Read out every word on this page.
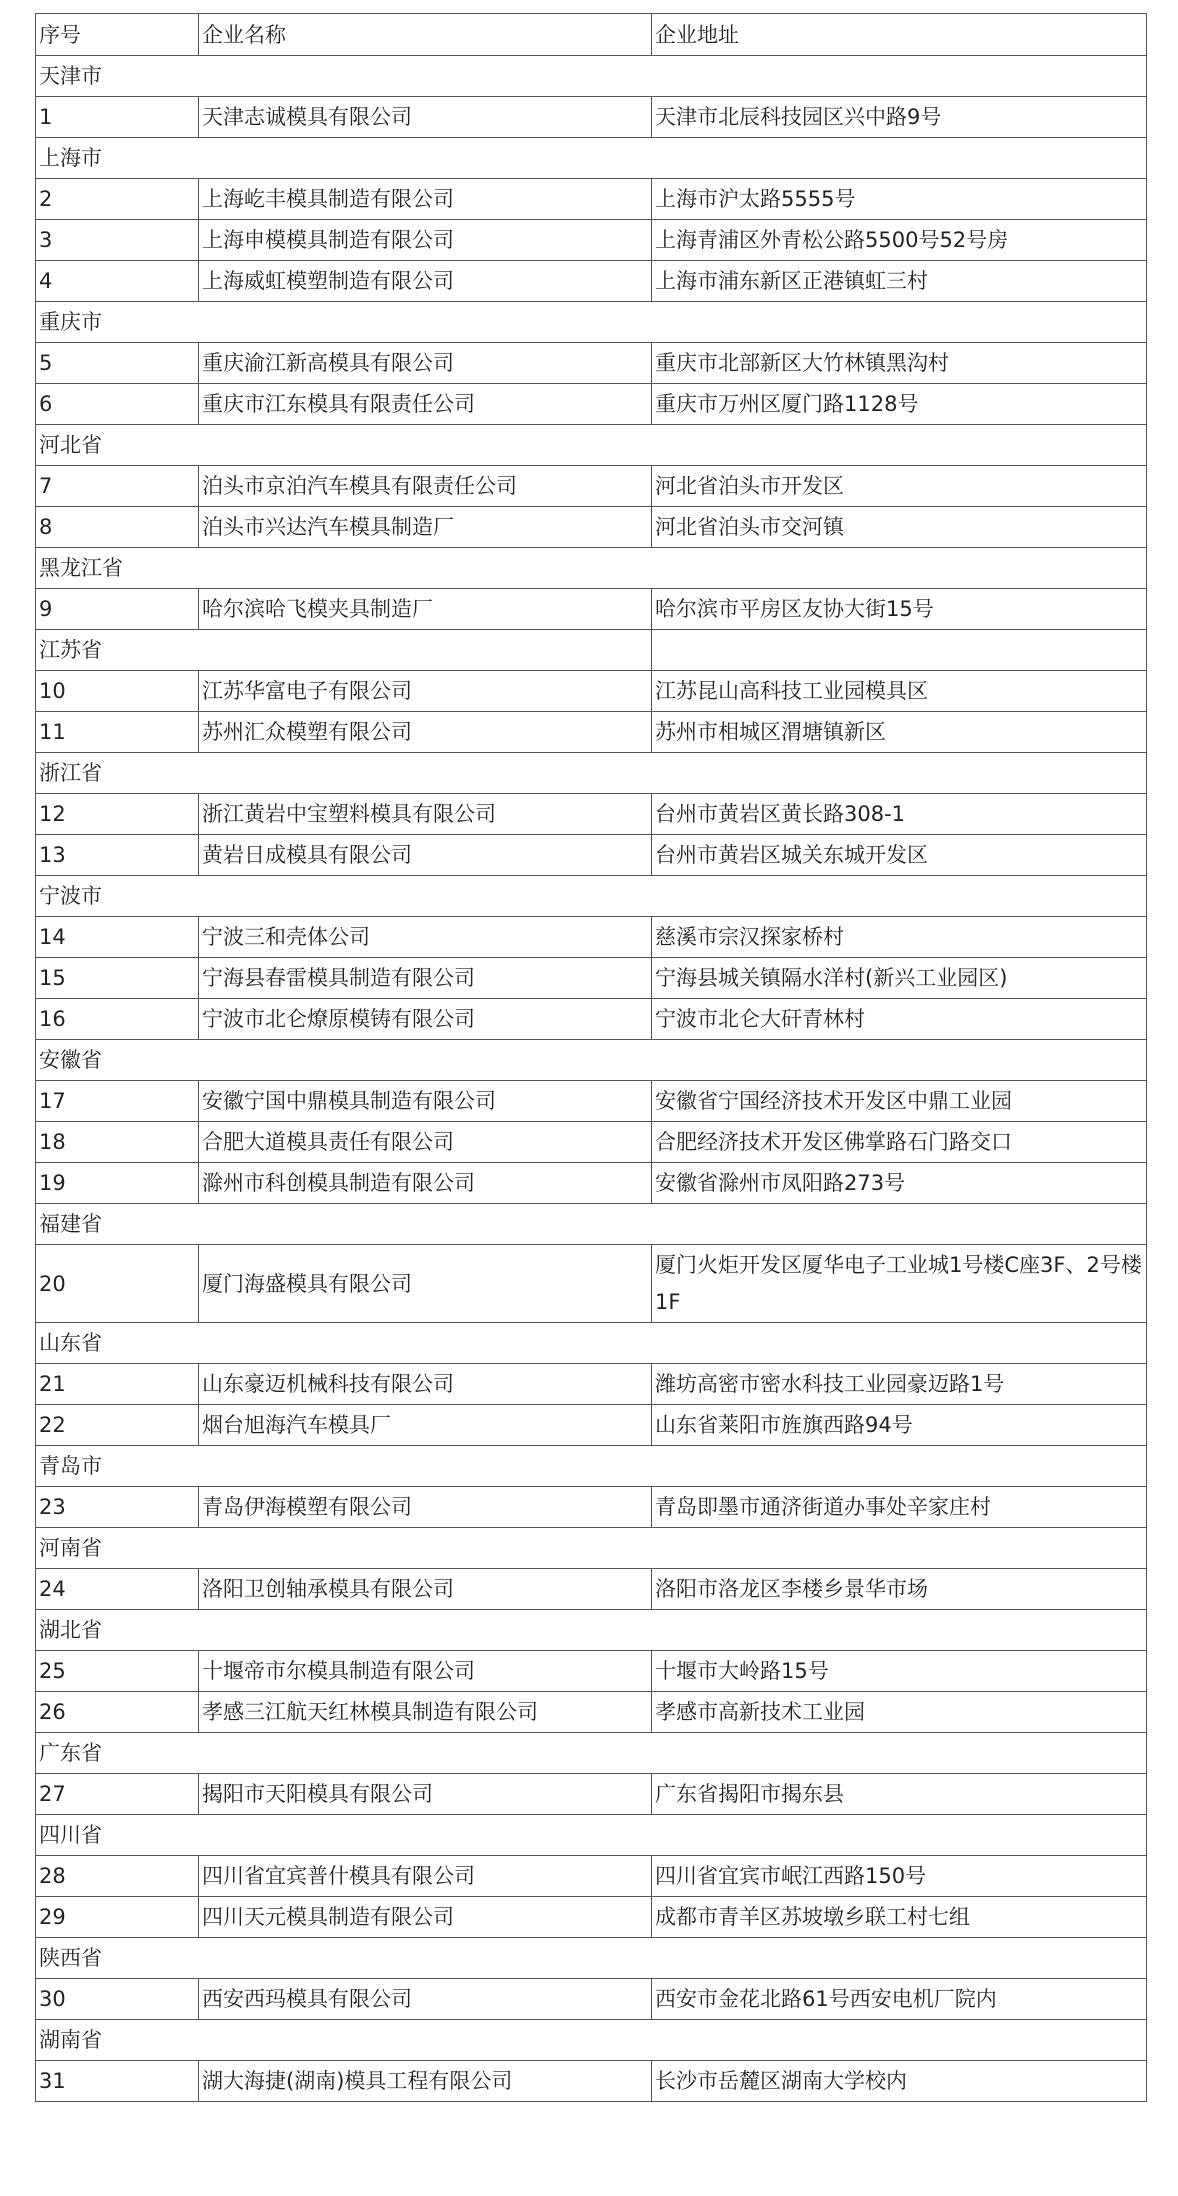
序号	企业名称	企业地址
天津市		
1	天津志诚模具有限公司	天津市北辰科技园区兴中路9号
上海市		
2	上海屹丰模具制造有限公司	上海市沪太路5555号
3	上海申模模具制造有限公司	上海青浦区外青松公路5500号52号房
4	上海威虹模塑制造有限公司	上海市浦东新区正港镇虹三村
重庆市		
5	重庆渝江新高模具有限公司	重庆市北部新区大竹林镇黑沟村
6	重庆市江东模具有限责任公司	重庆市万州区厦门路1128号
河北省		
7	泊头市京泊汽车模具有限责任公司	河北省泊头市开发区
8	泊头市兴达汽车模具制造厂	河北省泊头市交河镇
黑龙江省		
9	哈尔滨哈飞模夹具制造厂	哈尔滨市平房区友协大街15号
江苏省		
10	江苏华富电子有限公司	江苏昆山高科技工业园模具区
11	苏州汇众模塑有限公司	苏州市相城区渭塘镇新区
浙江省		
12	浙江黄岩中宝塑料模具有限公司	台州市黄岩区黄长路308-1
13	黄岩日成模具有限公司	台州市黄岩区城关东城开发区
宁波市		
14	宁波三和壳体公司	慈溪市宗汉探家桥村
15	宁海县春雷模具制造有限公司	宁海县城关镇隔水洋村(新兴工业园区)
16	宁波市北仑燎原模铸有限公司	宁波市北仑大矸青林村
安徽省		
17	安徽宁国中鼎模具制造有限公司	安徽省宁国经济技术开发区中鼎工业园
18	合肥大道模具责任有限公司	合肥经济技术开发区佛掌路石门路交口
19	滁州市科创模具制造有限公司	安徽省滁州市凤阳路273号
福建省		
20	厦门海盛模具有限公司	厦门火炬开发区厦华电子工业城1号楼C座3F、2号楼1F
山东省		
21	山东豪迈机械科技有限公司	潍坊高密市密水科技工业园豪迈路1号
22	烟台旭海汽车模具厂	山东省莱阳市旌旗西路94号
青岛市		
23	青岛伊海模塑有限公司	青岛即墨市通济街道办事处辛家庄村
河南省		
24	洛阳卫创轴承模具有限公司	洛阳市洛龙区李楼乡景华市场
湖北省		
25	十堰帝市尔模具制造有限公司	十堰市大岭路15号
26	孝感三江航天红林模具制造有限公司	孝感市高新技术工业园
广东省		
27	揭阳市天阳模具有限公司	广东省揭阳市揭东县
四川省		
28	四川省宜宾普什模具有限公司	四川省宜宾市岷江西路150号
29	四川天元模具制造有限公司	成都市青羊区苏坡墩乡联工村七组
陕西省		
30	西安西玛模具有限公司	西安市金花北路61号西安电机厂院内
湖南省		
31	湖大海捷(湖南)模具工程有限公司	长沙市岳麓区湖南大学校内
